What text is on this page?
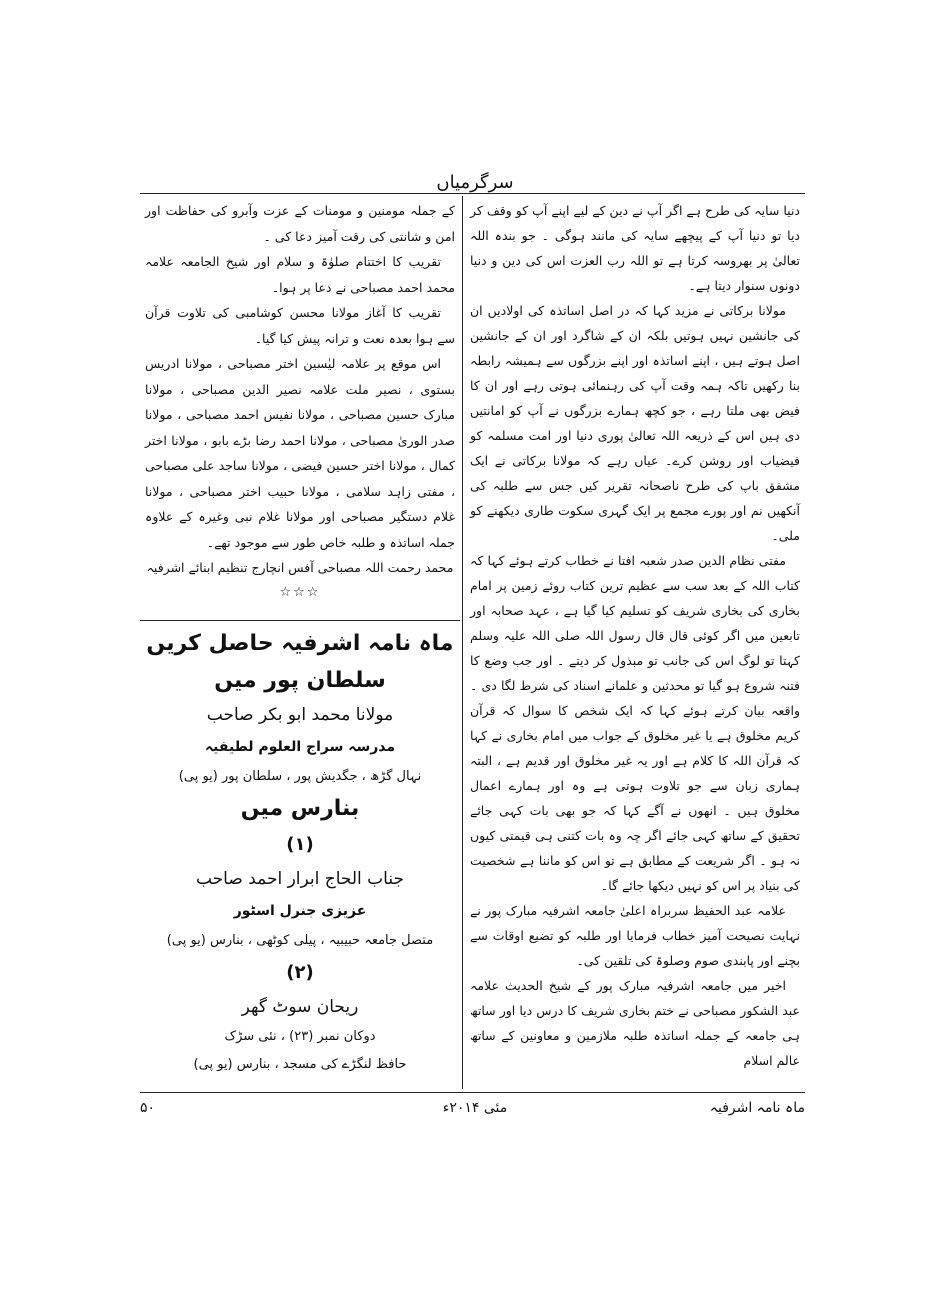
سرگرمیاں

دنیا سایہ کی طرح ہے اگر آپ نے دین کے لیے اپنے آپ کو وقف کر دیا تو دنیا آپ کے پیچھے سایہ کی مانند ہوگی ۔ جو بندہ اللہ تعالیٰ پر بھروسہ کرتا ہے تو اللہ رب العزت اس کی دین و دنیا دونوں سنوار دیتا ہے۔

مولانا برکاتی نے مزید کہا کہ در اصل اساتذہ کی اولادیں ان کی جانشین نہیں ہوتیں بلکہ ان کے شاگرد اور ان کے جانشین اصل ہوتے ہیں ، اپنے اساتذہ اور اپنے بزرگوں سے ہمیشہ رابطہ بنا رکھیں تاکہ ہمہ وقت آپ کی رہنمائی ہوتی رہے اور ان کا فیض بھی ملتا رہے ، جو کچھ ہمارے بزرگوں نے آپ کو امانتیں دی ہیں اس کے ذریعہ اللہ تعالیٰ پوری دنیا اور امت مسلمہ کو فیضیاب اور روشن کرے۔ عیاں رہے کہ مولانا برکاتی نے ایک مشفق باپ کی طرح ناصحانہ تقریر کیں جس سے طلبہ کی آنکھیں نم اور پورے مجمع پر ایک گہری سکوت طاری دیکھنے کو ملی۔

مفتی نظام الدین صدر شعبہ افتا نے خطاب کرتے ہوئے کہا کہ کتاب اللہ کے بعد سب سے عظیم ترین کتاب روئے زمین پر امام بخاری کی بخاری شریف کو تسلیم کیا گیا ہے ، عہد صحابہ اور تابعین میں اگر کوئی قال قال رسول اللہ صلی اللہ علیہ وسلم کہتا تو لوگ اس کی جانب تو مبذول کر دیتے ۔ اور جب وضع کا فتنہ شروع ہو گیا تو محدثین و علمانے اسناد کی شرط لگا دی ۔ واقعہ بیان کرتے ہوئے کہا کہ ایک شخص کا سوال کہ قرآن کریم مخلوق ہے یا غیر مخلوق کے جواب میں امام بخاری نے کہا کہ قرآن اللہ کا کلام ہے اور یہ غیر مخلوق اور قدیم ہے ، البتہ ہماری زبان سے جو تلاوت ہوتی ہے وہ اور ہمارے اعمال مخلوق ہیں ۔ انھوں نے آگے کہا کہ جو بھی بات کہی جائے تحقیق کے ساتھ کہی جائے اگر چہ وہ بات کتنی ہی قیمتی کیوں نہ ہو ۔ اگر شریعت کے مطابق ہے تو اس کو ماننا ہے شخصیت کی بنیاد پر اس کو نہیں دیکھا جائے گا۔

علامہ عبد الحفیظ سربراہ اعلیٰ جامعہ اشرفیہ مبارک پور نے نہایت نصیحت آمیز خطاب فرمایا اور طلبہ کو تضیع اوقات سے بچنے اور پابندی صوم وصلوۃ کی تلقین کی۔

اخیر میں جامعہ اشرفیہ مبارک پور کے شیخ الحدیث علامہ عبد الشکور مصباحی نے ختم بخاری شریف کا درس دیا اور ساتھ ہی جامعہ کے جملہ اساتذہ طلبہ ملازمین و معاونین کے ساتھ عالم اسلام

کے جملہ مومنین و مومنات کے عزت وآبرو کی حفاظت اور امن و شانتی کی رقت آمیز دعا کی ۔

تقریب کا اختتام صلوٰۃ و سلام اور شیخ الجامعہ علامہ محمد احمد مصباحی نے دعا پر ہوا۔

تقریب کا آغاز مولانا محسن کوشامبی کی تلاوت قرآن سے ہوا بعدہ نعت و ترانہ پیش کیا گیا۔

اس موقع پر علامہ لیٰسین اختر مصباحی ، مولانا ادریس بستوی ، نصیر ملت علامہ نصیر الدین مصباحی ، مولانا مبارک حسین مصباحی ، مولانا نفیس احمد مصباحی ، مولانا صدر الوریٰ مصباحی ، مولانا احمد رضا بڑے بابو ، مولانا اختر کمال ، مولانا اختر حسین فیضی ، مولانا ساجد علی مصباحی ، مفتی زاہد سلامی ، مولانا حبیب اختر مصباحی ، مولانا غلام دستگیر مصباحی اور مولانا غلام نبی وغیرہ کے علاوہ جملہ اساتذہ و طلبہ خاص طور سے موجود تھے۔

محمد رحمت اللہ مصباحی آفس انچارج تنظیم ابنائے اشرفیہ

☆☆☆
ماہ نامہ اشرفیہ حاصل کریں
سلطان پور میں
مولانا محمد ابو بکر صاحب
مدرسہ سراج العلوم لطیفیہ
نہال گڑھ ، جگدیش پور ، سلطان پور (یو پی)
بنارس میں
(۱)
جناب الحاج ابرار احمد صاحب
عزیزی جنرل اسٹور
متصل جامعہ حبیبیہ ، پیلی کوٹھی ، بنارس (یو پی)
(۲)
ریحان سوٹ گھر
دوکان نمبر (۲۳) ، نئی سڑک
حافظ لنگڑے کی مسجد ، بنارس (یو پی)
۵۰	مئی ۲۰۱۴ء	ماہ نامہ اشرفیہ
